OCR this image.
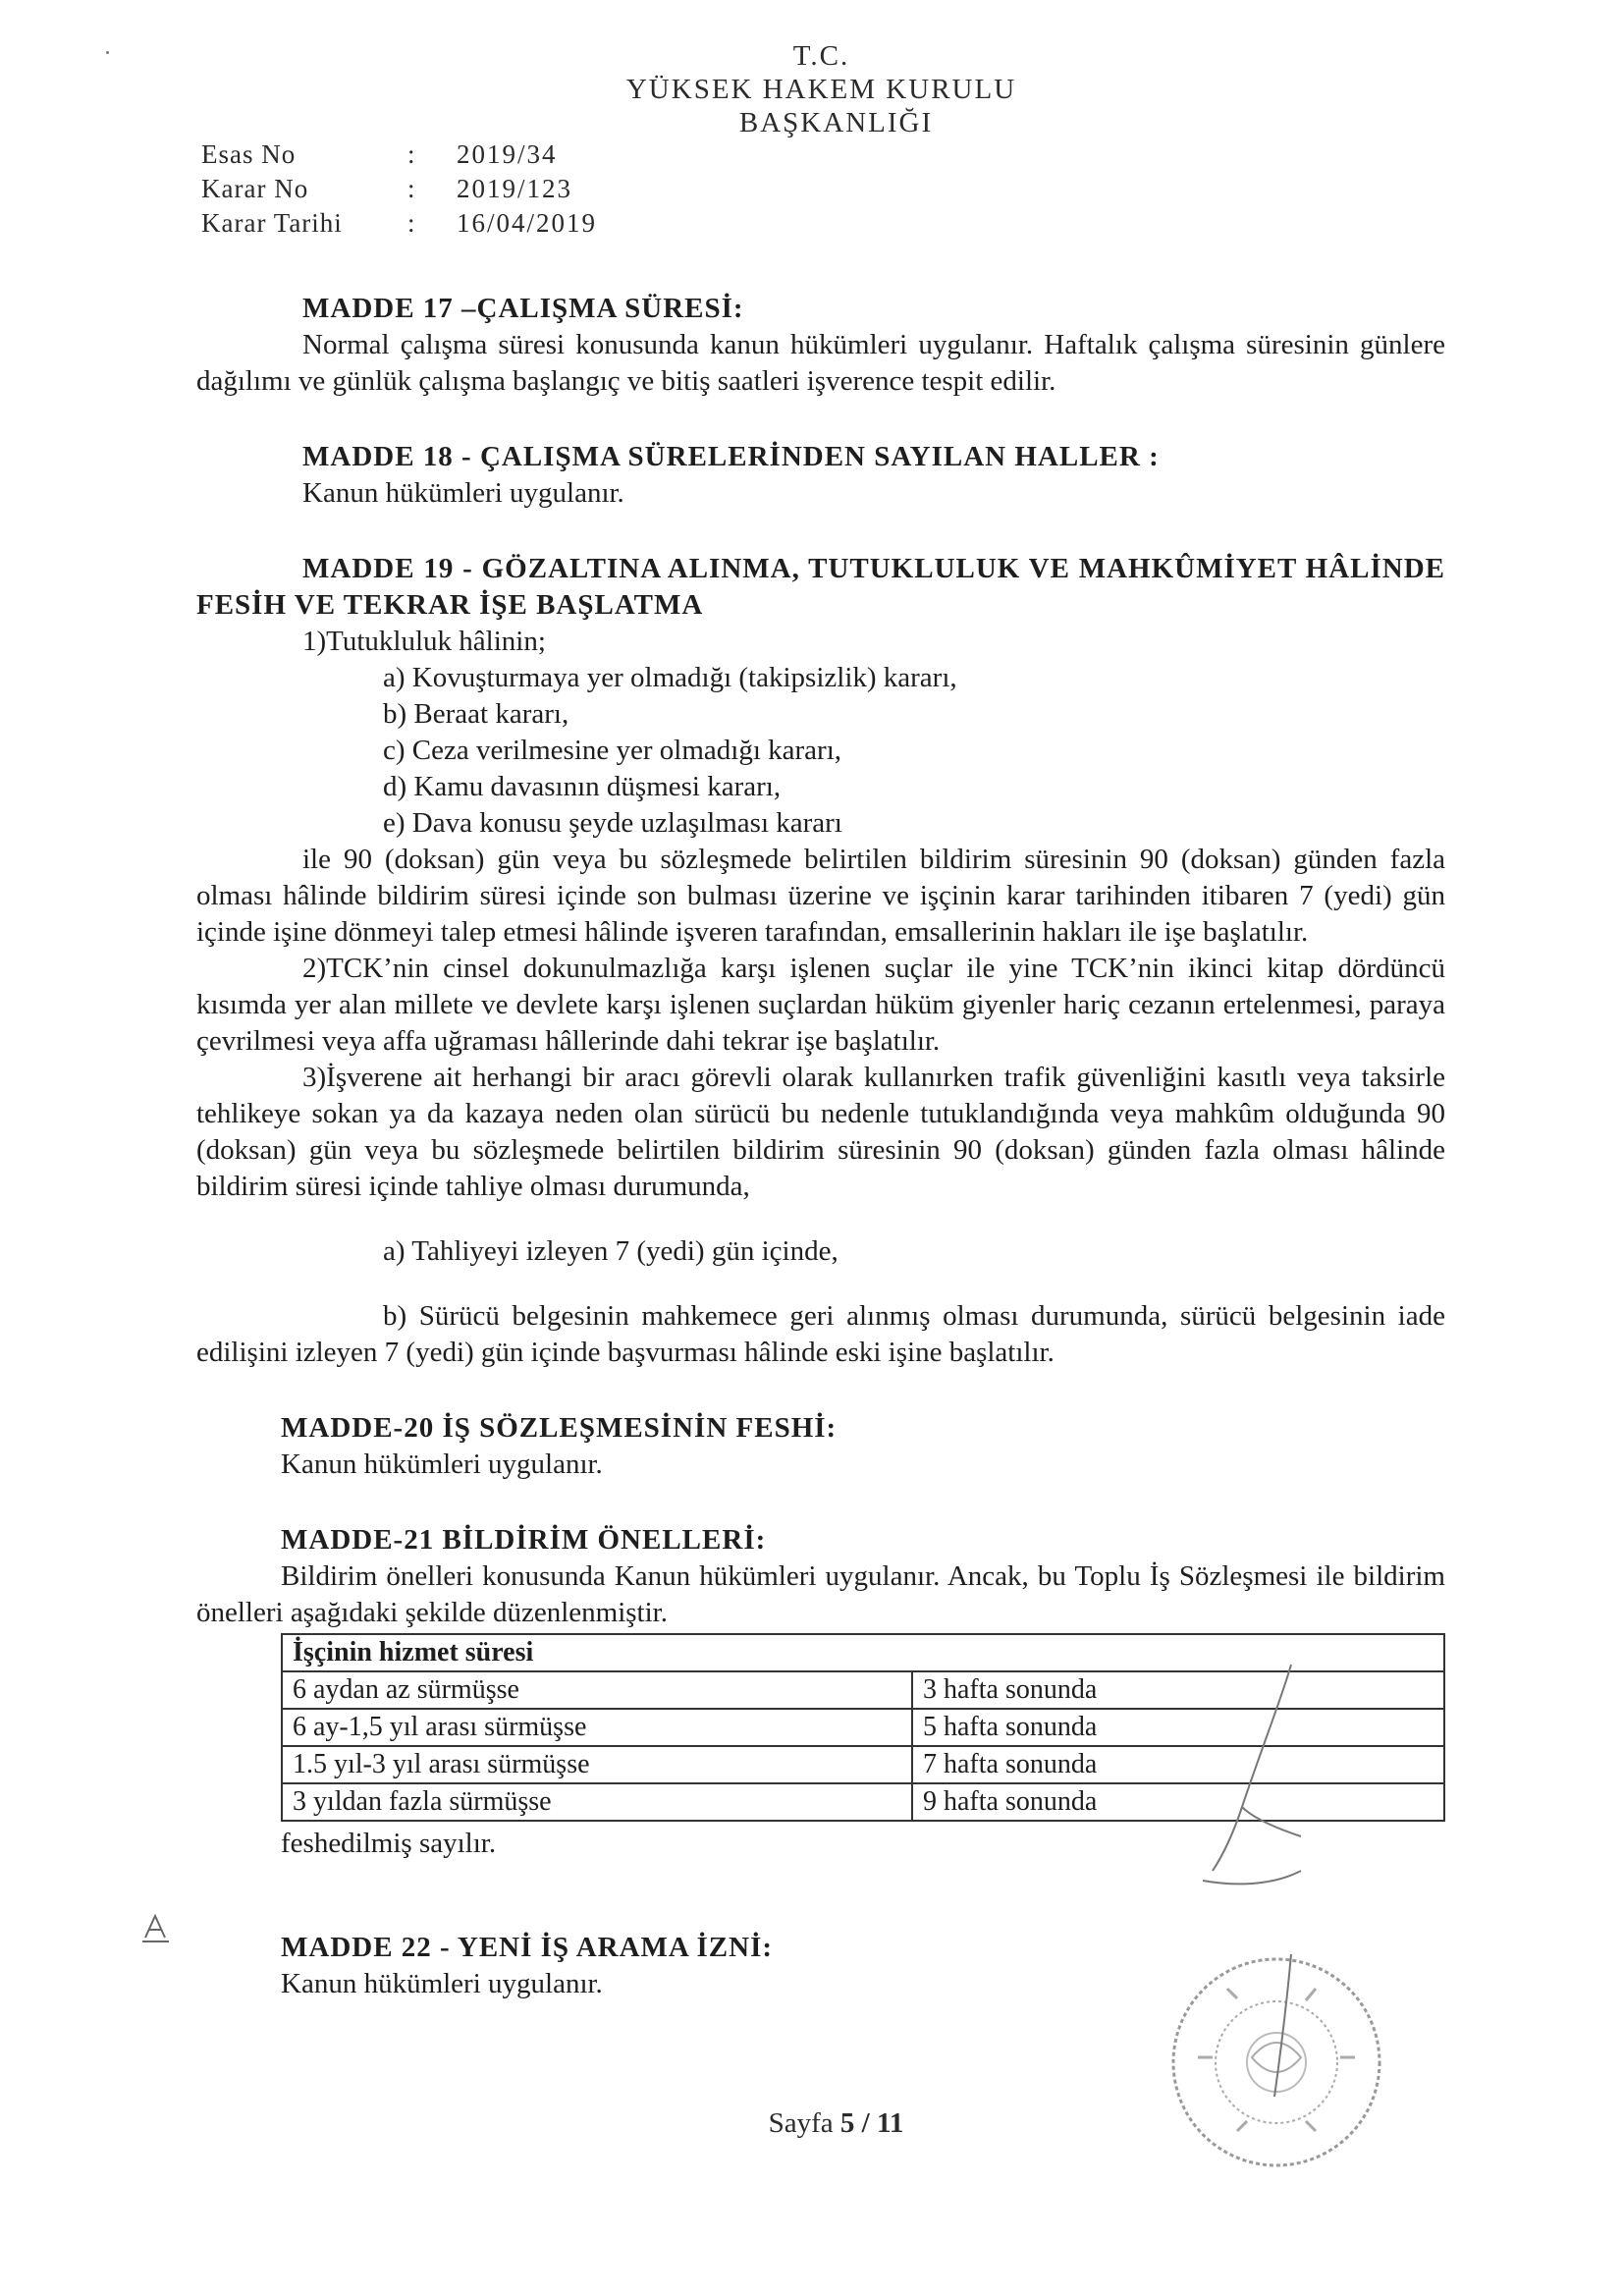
T.C.
YÜKSEK HAKEM KURULU
BAŞKANLIĞI
Esas No	:	2019/34
Karar No	:	2019/123
Karar Tarihi	:	16/04/2019
MADDE 17 –ÇALIŞMA SÜRESİ:

Normal çalışma süresi konusunda kanun hükümleri uygulanır. Haftalık çalışma süresinin günlere dağılımı ve günlük çalışma başlangıç ve bitiş saatleri işverence tespit edilir.

MADDE 18 - ÇALIŞMA SÜRELERİNDEN SAYILAN HALLER :

Kanun hükümleri uygulanır.

MADDE 19 - GÖZALTINA ALINMA, TUTUKLULUK VE MAHKÛMİYET HÂLİNDE FESİH VE TEKRAR İŞE BAŞLATMA

1)Tutukluluk hâlinin;

a) Kovuşturmaya yer olmadığı (takipsizlik) kararı,
b) Beraat kararı,
c) Ceza verilmesine yer olmadığı kararı,
d) Kamu davasının düşmesi kararı,
e) Dava konusu şeyde uzlaşılması kararı

ile 90 (doksan) gün veya bu sözleşmede belirtilen bildirim süresinin 90 (doksan) günden fazla olması hâlinde bildirim süresi içinde son bulması üzerine ve işçinin karar tarihinden itibaren 7 (yedi) gün içinde işine dönmeyi talep etmesi hâlinde işveren tarafından, emsallerinin hakları ile işe başlatılır.

2)TCK’nin cinsel dokunulmazlığa karşı işlenen suçlar ile yine TCK’nin ikinci kitap dördüncü kısımda yer alan millete ve devlete karşı işlenen suçlardan hüküm giyenler hariç cezanın ertelenmesi, paraya çevrilmesi veya affa uğraması hâllerinde dahi tekrar işe başlatılır.

3)İşverene ait herhangi bir aracı görevli olarak kullanırken trafik güvenliğini kasıtlı veya taksirle tehlikeye sokan ya da kazaya neden olan sürücü bu nedenle tutuklandığında veya mahkûm olduğunda 90 (doksan) gün veya bu sözleşmede belirtilen bildirim süresinin 90 (doksan) günden fazla olması hâlinde bildirim süresi içinde tahliye olması durumunda,

a) Tahliyeyi izleyen 7 (yedi) gün içinde,

b) Sürücü belgesinin mahkemece geri alınmış olması durumunda, sürücü belgesinin iade edilişini izleyen 7 (yedi) gün içinde başvurması hâlinde eski işine başlatılır.

MADDE-20 İŞ SÖZLEŞMESİNİN FESHİ:

Kanun hükümleri uygulanır.

MADDE-21 BİLDİRİM ÖNELLERİ:

Bildirim önelleri konusunda Kanun hükümleri uygulanır. Ancak, bu Toplu İş Sözleşmesi ile bildirim önelleri aşağıdaki şekilde düzenlenmiştir.

İşçinin hizmet süresi	
6 aydan az sürmüşse	3 hafta sonunda
6 ay-1,5 yıl arası sürmüşse	5 hafta sonunda
1.5 yıl-3 yıl arası sürmüşse	7 hafta sonunda
3 yıldan fazla sürmüşse	9 hafta sonunda

feshedilmiş sayılır.

MADDE 22 - YENİ İŞ ARAMA İZNİ:

Kanun hükümleri uygulanır.

Sayfa 5 / 11
